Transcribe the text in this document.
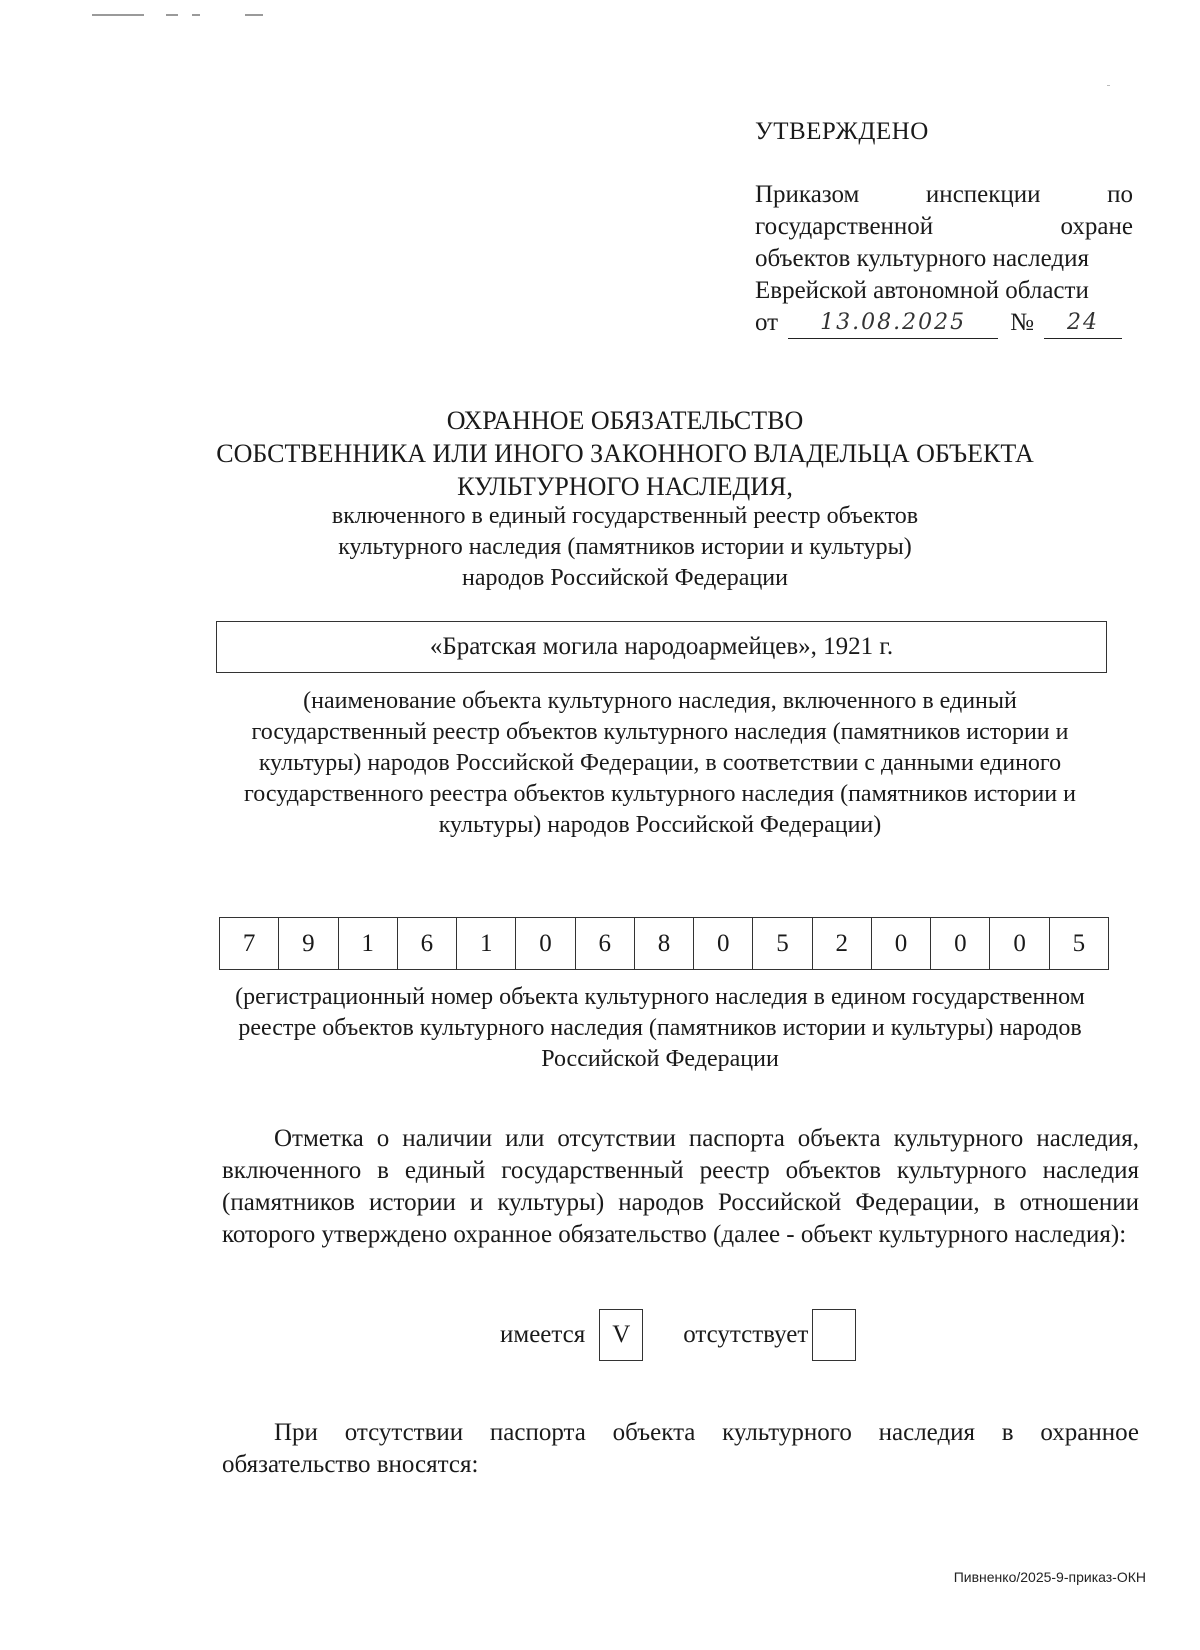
УТВЕРЖДЕНО
Приказом инспекции по
государственной охране
объектов культурного наследия
Еврейской автономной области
от	13.08.2025	№	24
ОХРАННОЕ ОБЯЗАТЕЛЬСТВО
СОБСТВЕННИКА ИЛИ ИНОГО ЗАКОННОГО ВЛАДЕЛЬЦА ОБЪЕКТА
КУЛЬТУРНОГО НАСЛЕДИЯ,
включенного в единый государственный реестр объектов
культурного наследия (памятников истории и культуры)
народов Российской Федерации
«Братская могила народоармейцев», 1921 г.
(наименование объекта культурного наследия, включенного в единый государственный реестр объектов культурного наследия (памятников истории и культуры) народов Российской Федерации, в соответствии с данными единого государственного реестра объектов культурного наследия (памятников истории и культуры) народов Российской Федерации)
7	9	1	6	1	0	6	8	0	5	2	0	0	0	5
(регистрационный номер объекта культурного наследия в едином государственном реестре объектов культурного наследия (памятников истории и культуры) народов Российской Федерации
Отметка о наличии или отсутствии паспорта объекта культурного наследия, включенного в единый государственный реестр объектов культурного наследия (памятников истории и культуры) народов Российской Федерации, в отношении которого утверждено охранное обязательство (далее - объект культурного наследия):
имеется	V	отсутствует
При отсутствии паспорта объекта культурного наследия в охранное обязательство вносятся:
Пивненко/2025-9-приказ-ОКН
